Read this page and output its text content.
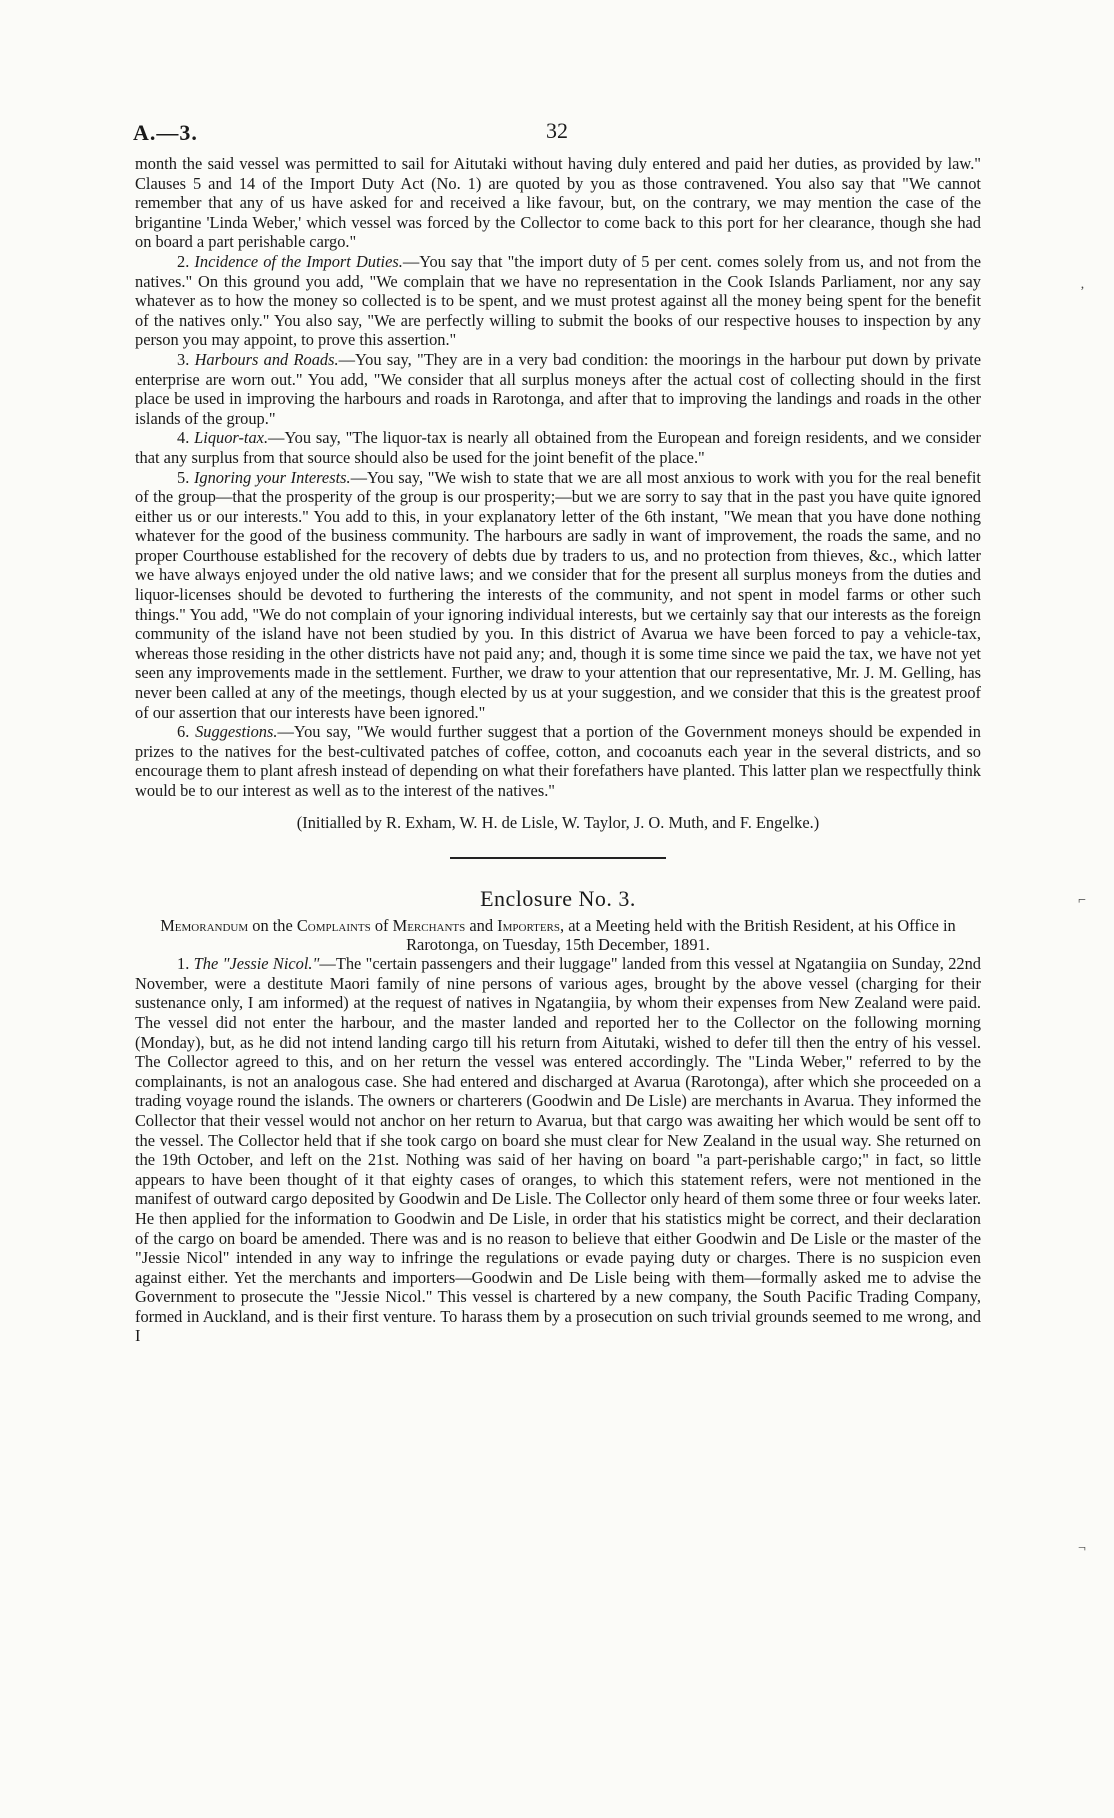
A.—3.	32
‚
⌐
¬

month the said vessel was permitted to sail for Aitutaki without having duly entered and paid her duties, as provided by law." Clauses 5 and 14 of the Import Duty Act (No. 1) are quoted by you as those contravened. You also say that "We cannot remember that any of us have asked for and received a like favour, but, on the contrary, we may mention the case of the brigantine 'Linda Weber,' which vessel was forced by the Collector to come back to this port for her clearance, though she had on board a part perishable cargo."

2. Incidence of the Import Duties.—You say that "the import duty of 5 per cent. comes solely from us, and not from the natives." On this ground you add, "We complain that we have no representation in the Cook Islands Parliament, nor any say whatever as to how the money so collected is to be spent, and we must protest against all the money being spent for the benefit of the natives only." You also say, "We are perfectly willing to submit the books of our respective houses to inspection by any person you may appoint, to prove this assertion."

3. Harbours and Roads.—You say, "They are in a very bad condition: the moorings in the harbour put down by private enterprise are worn out." You add, "We consider that all surplus moneys after the actual cost of collecting should in the first place be used in improving the harbours and roads in Rarotonga, and after that to improving the landings and roads in the other islands of the group."

4. Liquor-tax.—You say, "The liquor-tax is nearly all obtained from the European and foreign residents, and we consider that any surplus from that source should also be used for the joint benefit of the place."

5. Ignoring your Interests.—You say, "We wish to state that we are all most anxious to work with you for the real benefit of the group—that the prosperity of the group is our prosperity;—but we are sorry to say that in the past you have quite ignored either us or our interests." You add to this, in your explanatory letter of the 6th instant, "We mean that you have done nothing whatever for the good of the business community. The harbours are sadly in want of improvement, the roads the same, and no proper Courthouse established for the recovery of debts due by traders to us, and no protection from thieves, &c., which latter we have always enjoyed under the old native laws; and we consider that for the present all surplus moneys from the duties and liquor-licenses should be devoted to furthering the interests of the community, and not spent in model farms or other such things." You add, "We do not complain of your ignoring individual interests, but we certainly say that our interests as the foreign community of the island have not been studied by you. In this district of Avarua we have been forced to pay a vehicle-tax, whereas those residing in the other districts have not paid any; and, though it is some time since we paid the tax, we have not yet seen any improvements made in the settlement. Further, we draw to your attention that our representative, Mr. J. M. Gelling, has never been called at any of the meetings, though elected by us at your suggestion, and we consider that this is the greatest proof of our assertion that our interests have been ignored."

6. Suggestions.—You say, "We would further suggest that a portion of the Government moneys should be expended in prizes to the natives for the best-cultivated patches of coffee, cotton, and cocoanuts each year in the several districts, and so encourage them to plant afresh instead of depending on what their forefathers have planted. This latter plan we respectfully think would be to our interest as well as to the interest of the natives."

(Initialled by R. Exham, W. H. de Lisle, W. Taylor, J. O. Muth, and F. Engelke.)

Enclosure No. 3.

Memorandum on the Complaints of Merchants and Importers, at a Meeting held with the British Resident, at his Office in Rarotonga, on Tuesday, 15th December, 1891.

1. The "Jessie Nicol."—The "certain passengers and their luggage" landed from this vessel at Ngatangiia on Sunday, 22nd November, were a destitute Maori family of nine persons of various ages, brought by the above vessel (charging for their sustenance only, I am informed) at the request of natives in Ngatangiia, by whom their expenses from New Zealand were paid. The vessel did not enter the harbour, and the master landed and reported her to the Collector on the following morning (Monday), but, as he did not intend landing cargo till his return from Aitutaki, wished to defer till then the entry of his vessel. The Collector agreed to this, and on her return the vessel was entered accordingly. The "Linda Weber," referred to by the complainants, is not an analogous case. She had entered and discharged at Avarua (Rarotonga), after which she proceeded on a trading voyage round the islands. The owners or charterers (Goodwin and De Lisle) are merchants in Avarua. They informed the Collector that their vessel would not anchor on her return to Avarua, but that cargo was awaiting her which would be sent off to the vessel. The Collector held that if she took cargo on board she must clear for New Zealand in the usual way. She returned on the 19th October, and left on the 21st. Nothing was said of her having on board "a part-perishable cargo;" in fact, so little appears to have been thought of it that eighty cases of oranges, to which this statement refers, were not mentioned in the manifest of outward cargo deposited by Goodwin and De Lisle. The Collector only heard of them some three or four weeks later. He then applied for the information to Goodwin and De Lisle, in order that his statistics might be correct, and their declaration of the cargo on board be amended. There was and is no reason to believe that either Goodwin and De Lisle or the master of the "Jessie Nicol" intended in any way to infringe the regulations or evade paying duty or charges. There is no suspicion even against either. Yet the merchants and importers—Goodwin and De Lisle being with them—formally asked me to advise the Government to prosecute the "Jessie Nicol." This vessel is chartered by a new company, the South Pacific Trading Company, formed in Auckland, and is their first venture. To harass them by a prosecution on such trivial grounds seemed to me wrong, and I
